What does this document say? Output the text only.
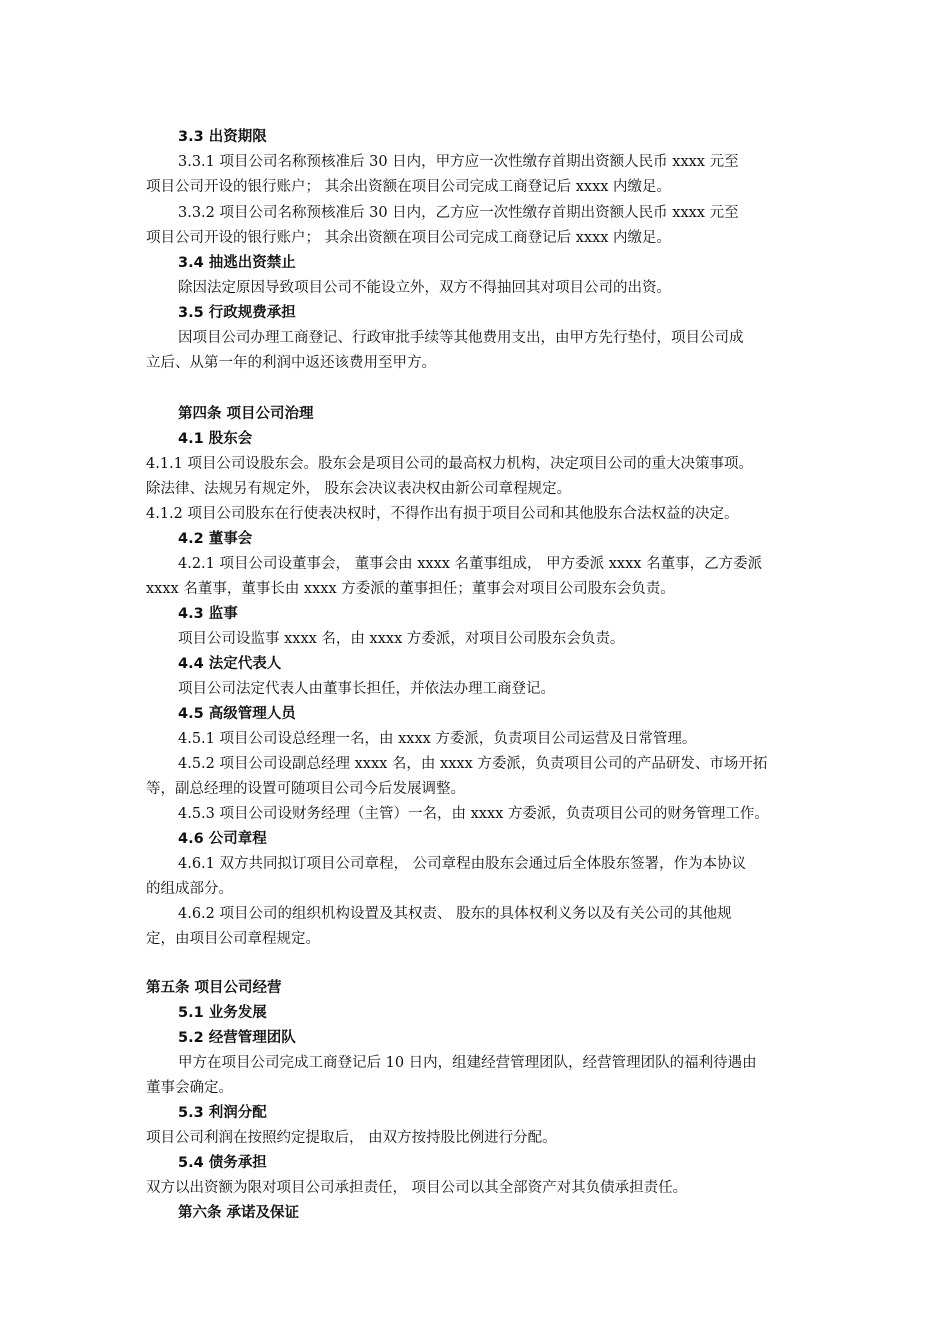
3.3 出资期限
3.3.1 项目公司名称预核准后 30 日内，甲方应一次性缴存首期出资额人民币 xxxx 元至
项目公司开设的银行账户； 其余出资额在项目公司完成工商登记后 xxxx 内缴足。
3.3.2 项目公司名称预核准后 30 日内，乙方应一次性缴存首期出资额人民币 xxxx 元至
项目公司开设的银行账户； 其余出资额在项目公司完成工商登记后 xxxx 内缴足。
3.4 抽逃出资禁止
除因法定原因导致项目公司不能设立外，双方不得抽回其对项目公司的出资。
3.5 行政规费承担
因项目公司办理工商登记、行政审批手续等其他费用支出，由甲方先行垫付，项目公司成
立后、从第一年的利润中返还该费用至甲方。
第四条 项目公司治理
4.1 股东会
4.1.1 项目公司设股东会。股东会是项目公司的最高权力机构，决定项目公司的重大决策事项。
除法律、法规另有规定外， 股东会决议表决权由新公司章程规定。
4.1.2 项目公司股东在行使表决权时，不得作出有损于项目公司和其他股东合法权益的决定。
4.2 董事会
4.2.1 项目公司设董事会， 董事会由 xxxx 名董事组成， 甲方委派 xxxx 名董事，乙方委派
xxxx 名董事，董事长由 xxxx 方委派的董事担任；董事会对项目公司股东会负责。
4.3 监事
项目公司设监事 xxxx 名，由 xxxx 方委派，对项目公司股东会负责。
4.4 法定代表人
项目公司法定代表人由董事长担任，并依法办理工商登记。
4.5 高级管理人员
4.5.1 项目公司设总经理一名，由 xxxx 方委派，负责项目公司运营及日常管理。
4.5.2 项目公司设副总经理 xxxx 名，由 xxxx 方委派，负责项目公司的产品研发、市场开拓
等，副总经理的设置可随项目公司今后发展调整。
4.5.3 项目公司设财务经理（主管）一名，由 xxxx 方委派，负责项目公司的财务管理工作。
4.6 公司章程
4.6.1 双方共同拟订项目公司章程， 公司章程由股东会通过后全体股东签署，作为本协议
的组成部分。
4.6.2 项目公司的组织机构设置及其权责、 股东的具体权利义务以及有关公司的其他规
定，由项目公司章程规定。
第五条 项目公司经营
5.1 业务发展
5.2 经营管理团队
甲方在项目公司完成工商登记后 10 日内，组建经营管理团队，经营管理团队的福利待遇由
董事会确定。
5.3 利润分配
项目公司利润在按照约定提取后， 由双方按持股比例进行分配。
5.4 债务承担
双方以出资额为限对项目公司承担责任， 项目公司以其全部资产对其负债承担责任。
第六条 承诺及保证
